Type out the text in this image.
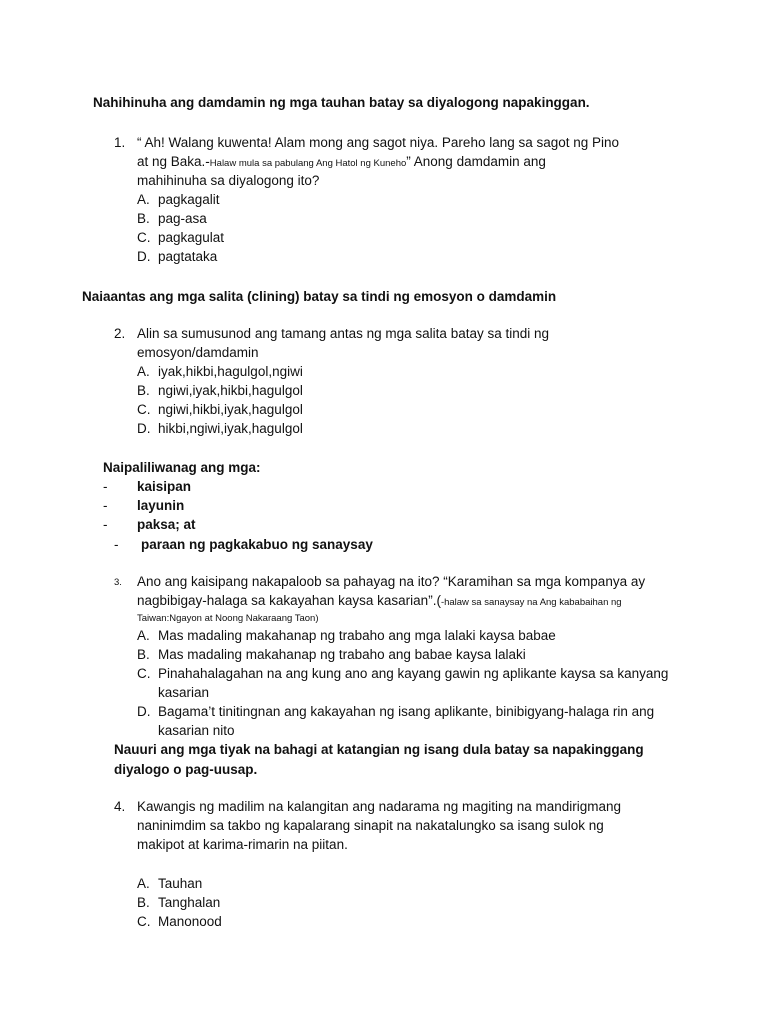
Nahihinuha ang damdamin ng mga tauhan batay sa diyalogong napakinggan.
1. “ Ah! Walang kuwenta! Alam mong ang sagot niya. Pareho lang sa sagot ng Pino
at ng Baka.-Halaw mula sa pabulang Ang Hatol ng Kuneho” Anong damdamin ang
mahihinuha sa diyalogong ito?
A. pagkagalit
B. pag-asa
C. pagkagulat
D. pagtataka
Naiaantas ang mga salita (clining) batay sa tindi ng emosyon o damdamin
2. Alin sa sumusunod ang tamang antas ng mga salita batay sa tindi ng
emosyon/damdamin
A. iyak,hikbi,hagulgol,ngiwi
B. ngiwi,iyak,hikbi,hagulgol
C. ngiwi,hikbi,iyak,hagulgol
D. hikbi,ngiwi,iyak,hagulgol
Naipaliliwanag ang mga:
- kaisipan
- layunin
- paksa; at
- paraan ng pagkakabuo ng sanaysay
3. Ano ang kaisipang nakapaloob sa pahayag na ito? “Karamihan sa mga kompanya ay
nagbibigay-halaga sa kakayahan kaysa kasarian”.(-halaw sa sanaysay na Ang kababaihan ng
Taiwan:Ngayon at Noong Nakaraang Taon)
A. Mas madaling makahanap ng trabaho ang mga lalaki kaysa babae
B. Mas madaling makahanap ng trabaho ang babae kaysa lalaki
C. Pinahahalagahan na ang kung ano ang kayang gawin ng aplikante kaysa sa kanyang
kasarian
D. Bagama’t tinitingnan ang kakayahan ng isang aplikante, binibigyang-halaga rin ang
kasarian nito
Nauuri ang mga tiyak na bahagi at katangian ng isang dula batay sa napakinggang
diyalogo o pag-uusap.
4. Kawangis ng madilim na kalangitan ang nadarama ng magiting na mandirigmang
naninimdim sa takbo ng kapalarang sinapit na nakatalungko sa isang sulok ng
makipot at karima-rimarin na piitan.
A. Tauhan
B. Tanghalan
C. Manonood
